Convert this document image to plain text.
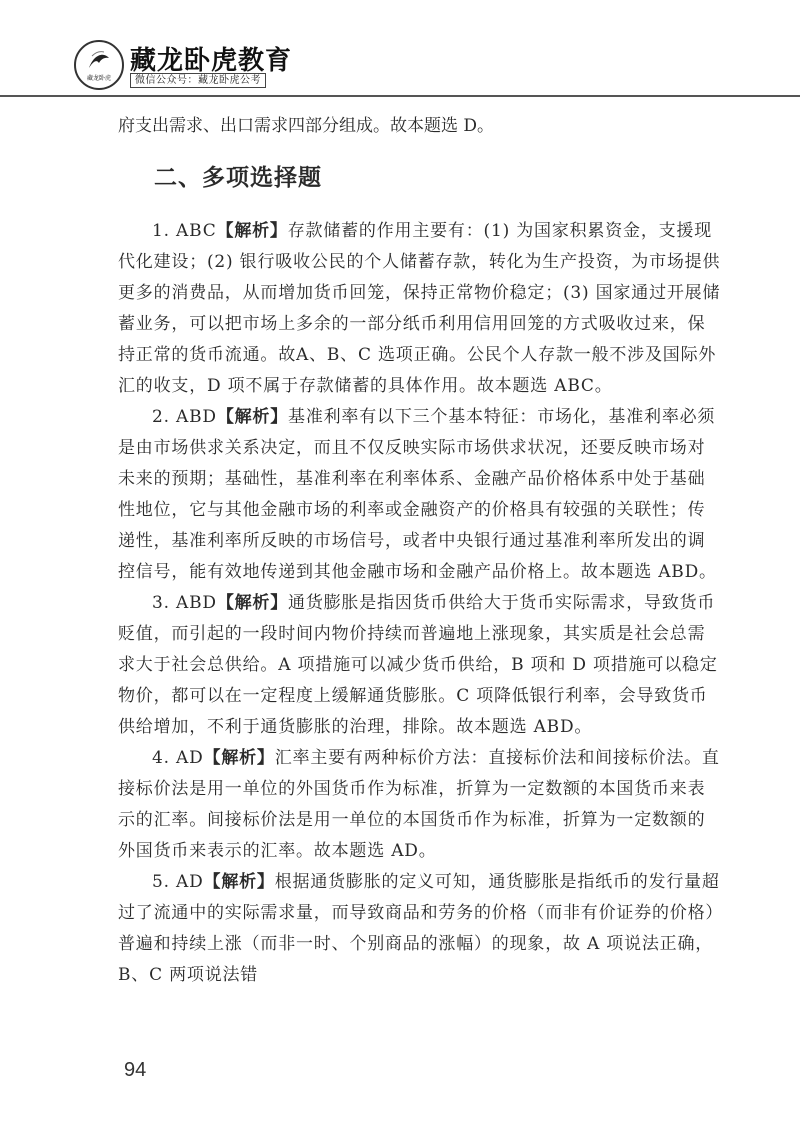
藏龙卧虎
藏龙卧虎教育
微信公众号：藏龙卧虎公考
府支出需求、出口需求四部分组成。故本题选 D。
二、多项选择题
1. ABC【解析】存款储蓄的作用主要有：(1) 为国家积累资金，支援现代化建设；(2) 银行吸收公民的个人储蓄存款，转化为生产投资，为市场提供更多的消费品，从而增加货币回笼，保持正常物价稳定；(3) 国家通过开展储蓄业务，可以把市场上多余的一部分纸币利用信用回笼的方式吸收过来，保持正常的货币流通。故A、B、C 选项正确。公民个人存款一般不涉及国际外汇的收支，D 项不属于存款储蓄的具体作用。故本题选 ABC。
2. ABD【解析】基准利率有以下三个基本特征：市场化，基准利率必须是由市场供求关系决定，而且不仅反映实际市场供求状况，还要反映市场对未来的预期；基础性，基准利率在利率体系、金融产品价格体系中处于基础性地位，它与其他金融市场的利率或金融资产的价格具有较强的关联性；传递性，基准利率所反映的市场信号，或者中央银行通过基准利率所发出的调控信号，能有效地传递到其他金融市场和金融产品价格上。故本题选 ABD。
3. ABD【解析】通货膨胀是指因货币供给大于货币实际需求，导致货币贬值，而引起的一段时间内物价持续而普遍地上涨现象，其实质是社会总需求大于社会总供给。A 项措施可以减少货币供给，B 项和 D 项措施可以稳定物价，都可以在一定程度上缓解通货膨胀。C 项降低银行利率，会导致货币供给增加，不利于通货膨胀的治理，排除。故本题选 ABD。
4. AD【解析】汇率主要有两种标价方法：直接标价法和间接标价法。直接标价法是用一单位的外国货币作为标准，折算为一定数额的本国货币来表示的汇率。间接标价法是用一单位的本国货币作为标准，折算为一定数额的外国货币来表示的汇率。故本题选 AD。
5. AD【解析】根据通货膨胀的定义可知，通货膨胀是指纸币的发行量超过了流通中的实际需求量，而导致商品和劳务的价格（而非有价证券的价格）普遍和持续上涨（而非一时、个别商品的涨幅）的现象，故 A 项说法正确，B、C 两项说法错
94
